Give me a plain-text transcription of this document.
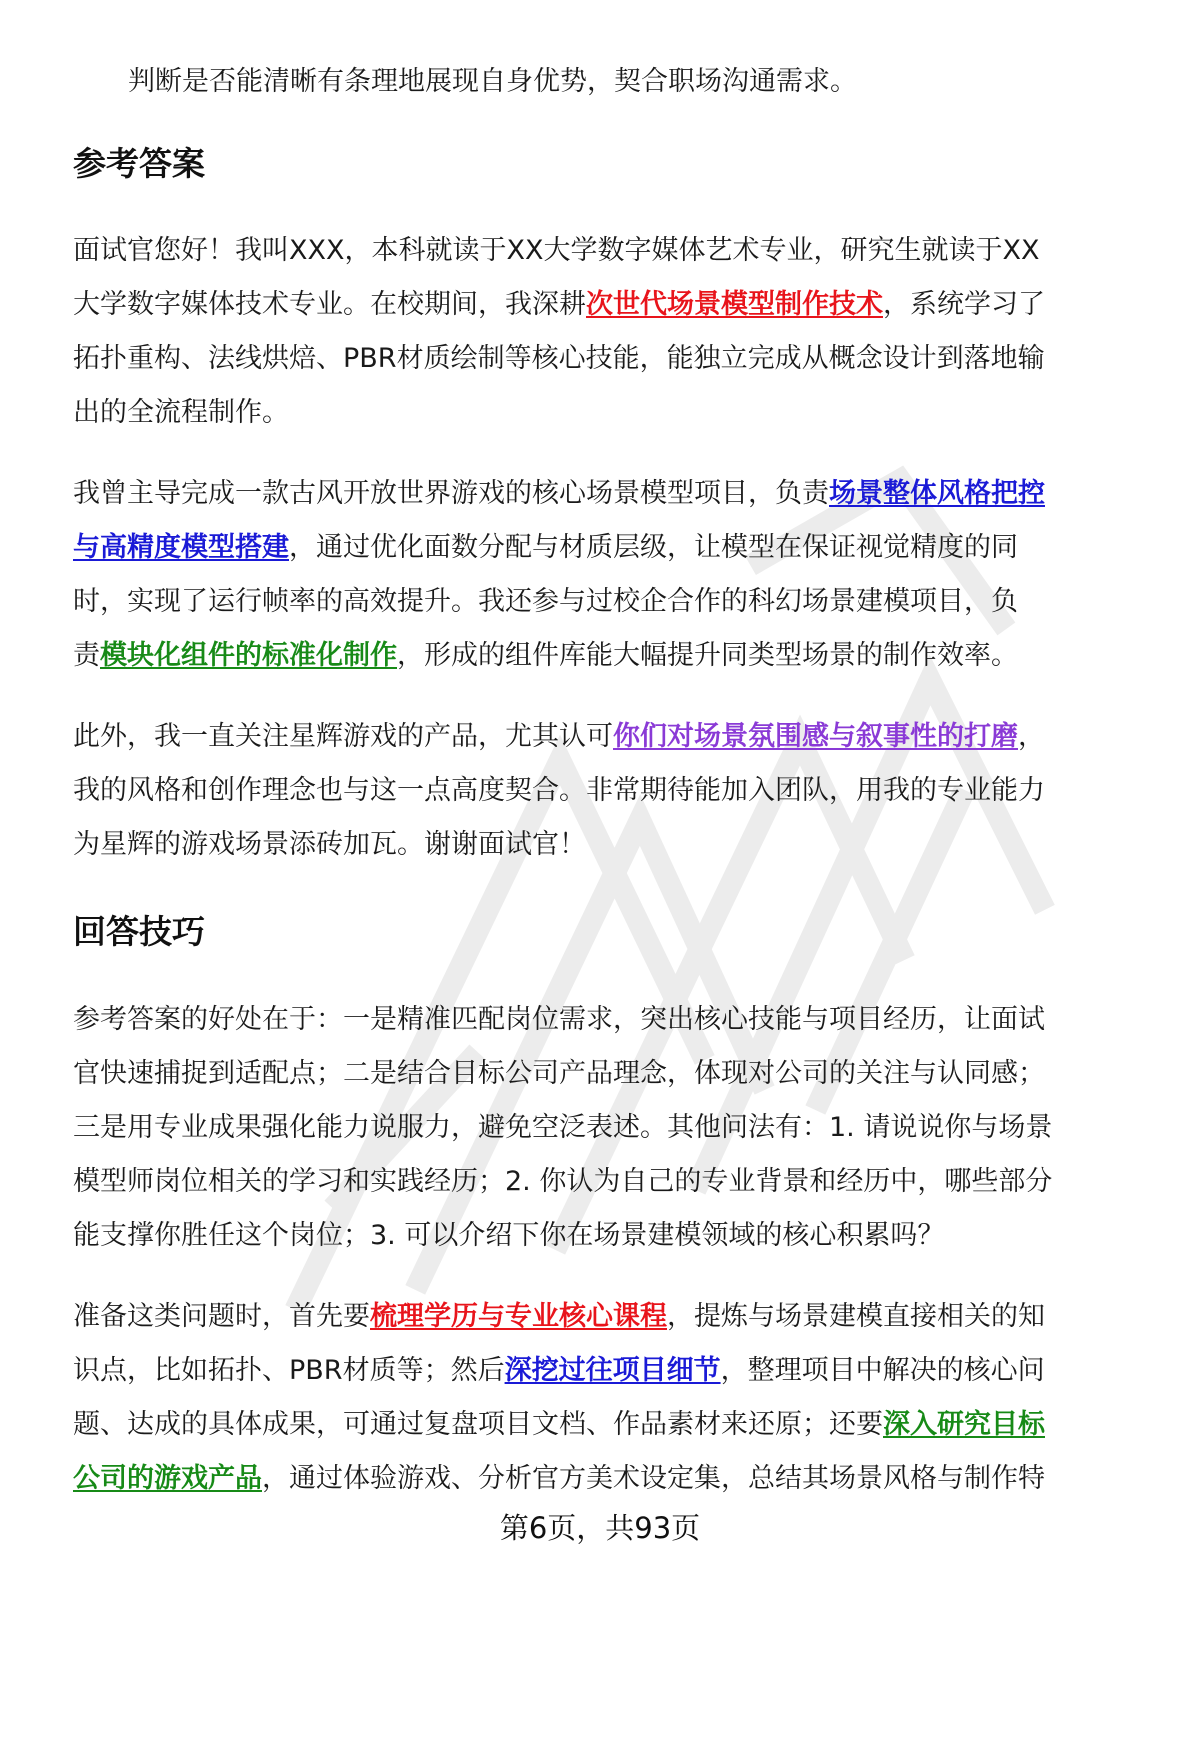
判断是否能清晰有条理地展现自身优势，契合职场沟通需求。
参考答案
面试官您好！我叫XXX，本科就读于XX大学数字媒体艺术专业，研究生就读于XX
大学数字媒体技术专业。在校期间，我深耕次世代场景模型制作技术，系统学习了
拓扑重构、法线烘焙、PBR材质绘制等核心技能，能独立完成从概念设计到落地输
出的全流程制作。
我曾主导完成一款古风开放世界游戏的核心场景模型项目，负责场景整体风格把控
与高精度模型搭建，通过优化面数分配与材质层级，让模型在保证视觉精度的同
时，实现了运行帧率的高效提升。我还参与过校企合作的科幻场景建模项目，负
责模块化组件的标准化制作，形成的组件库能大幅提升同类型场景的制作效率。
此外，我一直关注星辉游戏的产品，尤其认可你们对场景氛围感与叙事性的打磨，
我的风格和创作理念也与这一点高度契合。非常期待能加入团队，用我的专业能力
为星辉的游戏场景添砖加瓦。谢谢面试官！
回答技巧
参考答案的好处在于：一是精准匹配岗位需求，突出核心技能与项目经历，让面试
官快速捕捉到适配点；二是结合目标公司产品理念，体现对公司的关注与认同感；
三是用专业成果强化能力说服力，避免空泛表述。其他问法有：1. 请说说你与场景
模型师岗位相关的学习和实践经历；2. 你认为自己的专业背景和经历中，哪些部分
能支撑你胜任这个岗位；3. 可以介绍下你在场景建模领域的核心积累吗？
准备这类问题时，首先要梳理学历与专业核心课程，提炼与场景建模直接相关的知
识点，比如拓扑、PBR材质等；然后深挖过往项目细节，整理项目中解决的核心问
题、达成的具体成果，可通过复盘项目文档、作品素材来还原；还要深入研究目标
公司的游戏产品，通过体验游戏、分析官方美术设定集，总结其场景风格与制作特
第6页，共93页
